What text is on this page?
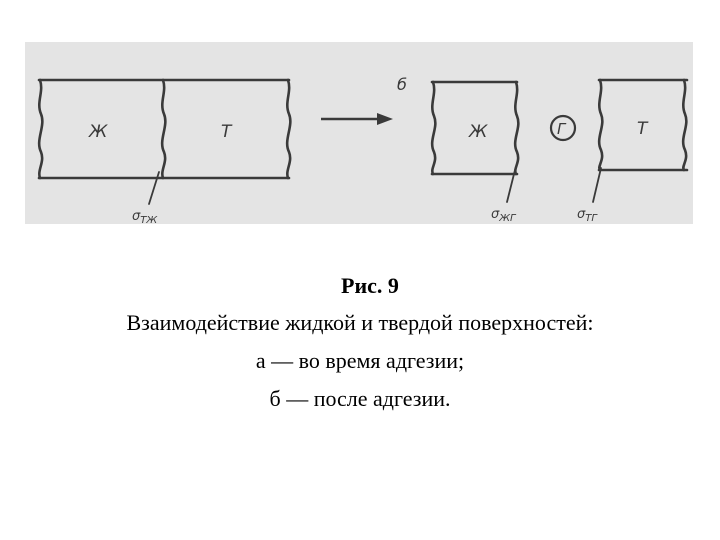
Ж	Т
$\sigma_{ТЖ}$
б
Ж	Г	Т
$\sigma_{ЖГ}$	$\sigma_{ТГ}$
Рис. 9
Взаимодействие жидкой и твердой поверхностей:
а — во время адгезии;
б — после адгезии.
